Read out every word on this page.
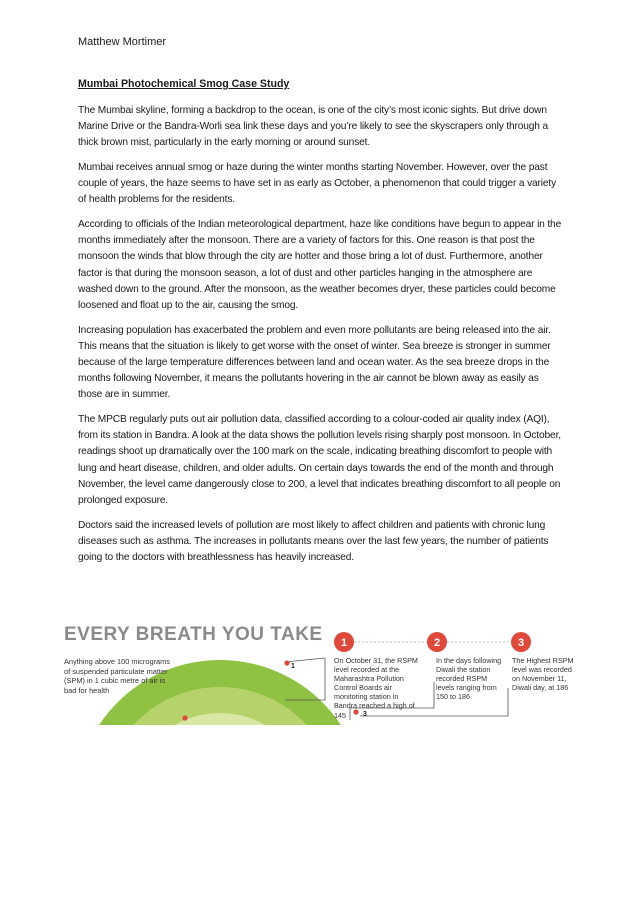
Matthew Mortimer
Mumbai Photochemical Smog Case Study

The Mumbai skyline, forming a backdrop to the ocean, is one of the city’s most iconic sights. But drive down Marine Drive or the Bandra-Worli sea link these days and you’re likely to see the skyscrapers only through a thick brown mist, particularly in the early morning or around sunset.

Mumbai receives annual smog or haze during the winter months starting November. However, over the past couple of years, the haze seems to have set in as early as October, a phenomenon that could trigger a variety of health problems for the residents.

According to officials of the Indian meteorological department, haze like conditions have begun to appear in the months immediately after the monsoon. There are a variety of factors for this. One reason is that post the monsoon the winds that blow through the city are hotter and those bring a lot of dust. Furthermore, another factor is that during the monsoon season, a lot of dust and other particles hanging in the atmosphere are washed down to the ground. After the monsoon, as the weather becomes dryer, these particles could become loosened and float up to the air, causing the smog.

Increasing population has exacerbated the problem and even more pollutants are being released into the air. This means that the situation is likely to get worse with the onset of winter. Sea breeze is stronger in summer because of the large temperature differences between land and ocean water. As the sea breeze drops in the months following November, it means the pollutants hovering in the air cannot be blown away as easily as those are in summer.

The MPCB regularly puts out air pollution data, classified according to a colour-coded air quality index (AQI), from its station in Bandra. A look at the data shows the pollution levels rising sharply post monsoon. In October, readings shoot up dramatically over the 100 mark on the scale, indicating breathing discomfort to people with lung and heart disease, children, and older adults. On certain days towards the end of the month and through November, the level came dangerously close to 200, a level that indicates breathing discomfort to all people on prolonged exposure.

Doctors said the increased levels of pollution are most likely to affect children and patients with chronic lung diseases such as asthma. The increases in pollutants means over the last few years, the number of patients going to the doctors with breathlessness has heavily increased.

1
3
1	2	3
EVERY BREATH YOU TAKE
Anything above 100 micrograms of suspended particulate matter (SPM) in 1 cubic metre of air is bad for health
On October 31, the RSPM level recorded at the Maharashtra Pollution Control Boards air monitoring station in Bandra reached a high of 145
In the days following Diwali the station recorded RSPM levels ranging from 150 to 186
The Highest RSPM level was recorded on November 11, Diwali day, at 186
